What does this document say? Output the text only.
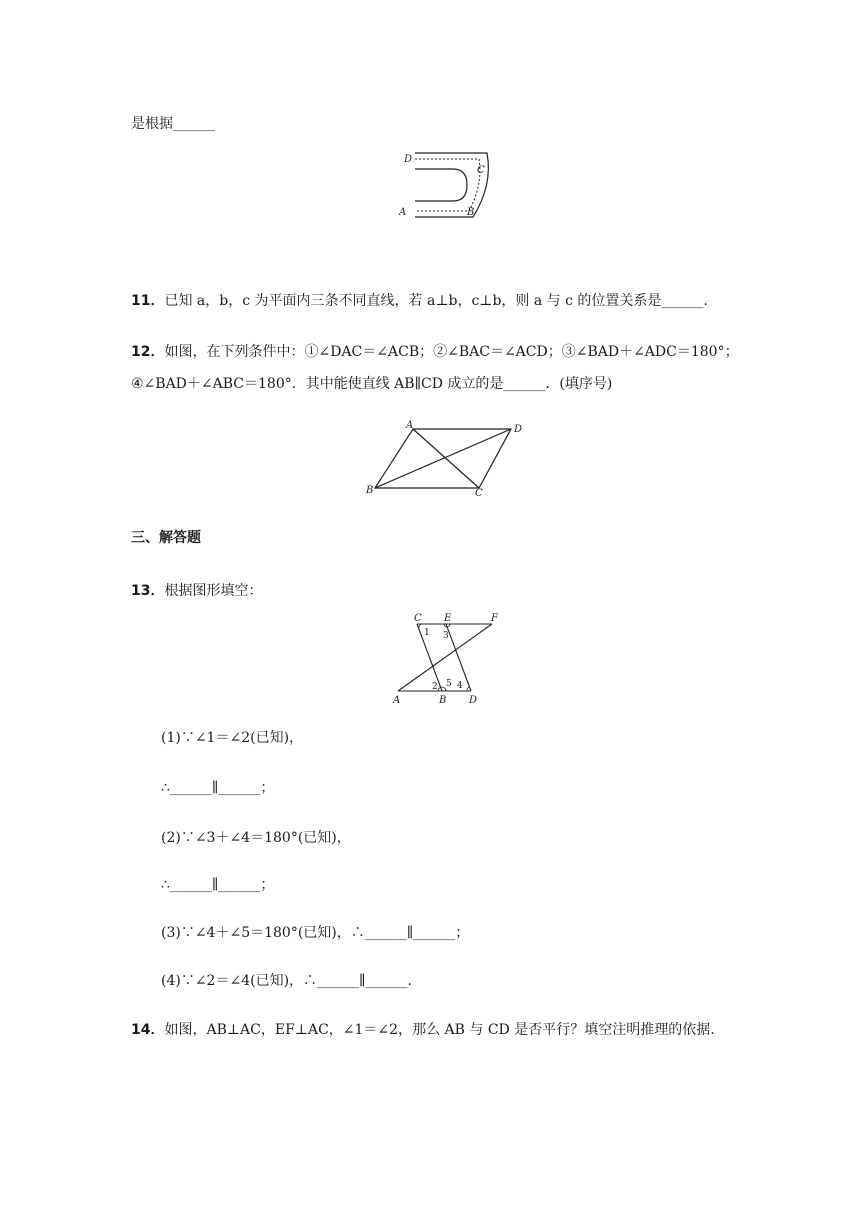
是根据______
D
C
A	B
11．已知 a，b，c 为平面内三条不同直线，若 a⊥b，c⊥b，则 a 与 c 的位置关系是______.
12．如图，在下列条件中：①∠DAC＝∠ACB；②∠BAC＝∠ACD；③∠BAD＋∠ADC＝180°；
④∠BAD＋∠ABC＝180°．其中能使直线 AB∥CD 成立的是______．(填序号)
A	D
B	C
三、解答题
13．根据图形填空：
C E	F
A	B D
1 3
2 5 4
(1)∵∠1＝∠2(已知)，
∴______∥______；
(2)∵∠3＋∠4＝180°(已知)，
∴______∥______；
(3)∵∠4＋∠5＝180°(已知)，∴______∥______；
(4)∵∠2＝∠4(已知)，∴______∥______.
14．如图，AB⊥AC，EF⊥AC，∠1＝∠2，那么 AB 与 CD 是否平行？填空注明推理的依据.
